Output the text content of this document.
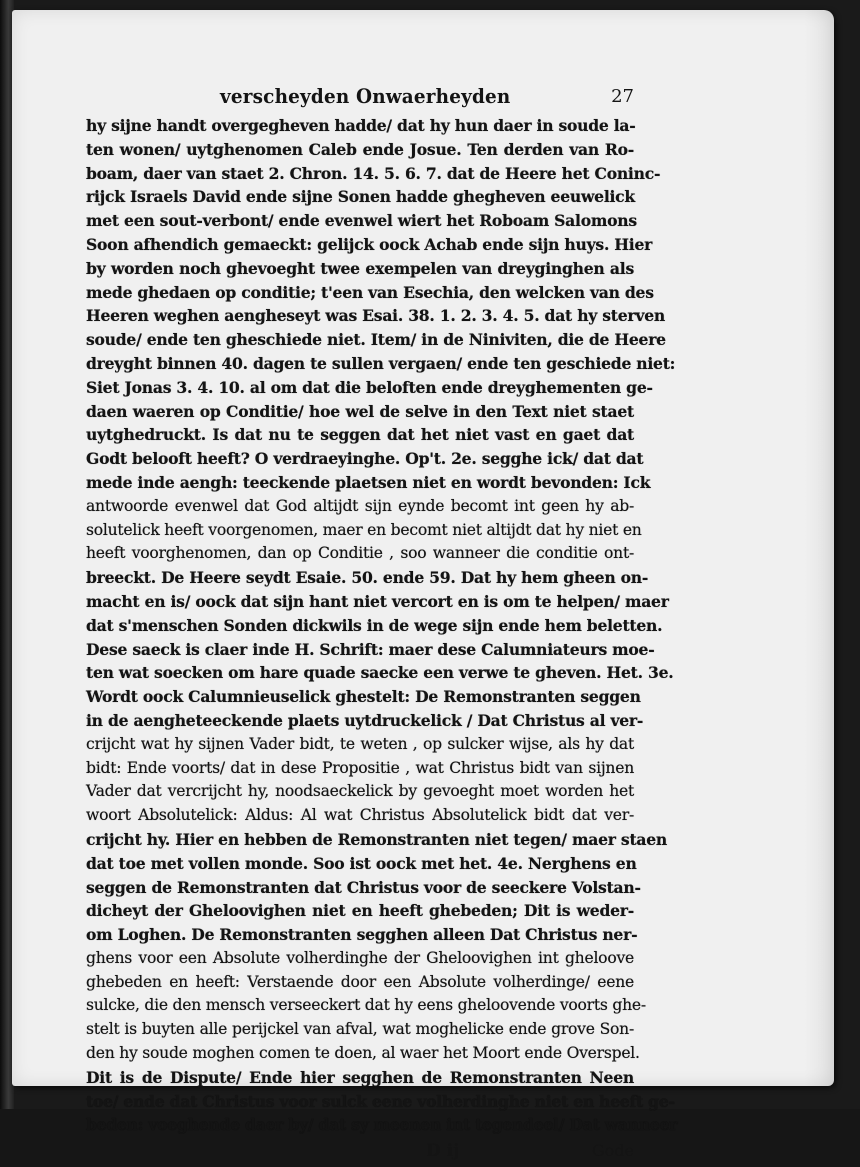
verscheyden Onwaerheyden	27
hy sijne handt overgegheven hadde/ dat hy hun daer in soude la-
ten wonen/ uytghenomen Caleb ende Josue. Ten derden van Ro-
boam, daer van staet 2. Chron. 14. 5. 6. 7. dat de Heere het Coninc-
rijck Israels David ende sijne Sonen hadde ghegheven eeuwelick
met een sout-verbont/ ende evenwel wiert het Roboam Salomons
Soon afhendich gemaeckt: gelijck oock Achab ende sijn huys. Hier
by worden noch ghevoeght twee exempelen van dreyginghen als
mede ghedaen op conditie; t'een van Esechia, den welcken van des
Heeren weghen aengheseyt was Esai. 38. 1. 2. 3. 4. 5. dat hy sterven
soude/ ende ten gheschiede niet. Item/ in de Niniviten, die de Heere
dreyght binnen 40. dagen te sullen vergaen/ ende ten geschiede niet:
Siet Jonas 3. 4. 10. al om dat die beloften ende dreyghementen ge-
daen waeren op Conditie/ hoe wel de selve in den Text niet staet
uytghedruckt. Is dat nu te seggen dat het niet vast en gaet dat
Godt belooft heeft? O verdraeyinghe. Op't. 2e. segghe ick/ dat dat
mede inde aengh: teeckende plaetsen niet en wordt bevonden: Ick
antwoorde evenwel dat God altijdt sijn eynde becomt int geen hy ab-
solutelick heeft voorgenomen, maer en becomt niet altijdt dat hy niet en
heeft voorghenomen, dan op Conditie , soo wanneer die conditie ont-
breeckt. De Heere seydt Esaie. 50. ende 59. Dat hy hem gheen on-
macht en is/ oock dat sijn hant niet vercort en is om te helpen/ maer
dat s'menschen Sonden dickwils in de wege sijn ende hem beletten.
Dese saeck is claer inde H. Schrift: maer dese Calumniateurs moe-
ten wat soecken om hare quade saecke een verwe te gheven. Het. 3e.
Wordt oock Calumnieuselick ghestelt: De Remonstranten seggen
in de aengheteeckende plaets uytdruckelick / Dat Christus al ver-
crijcht wat hy sijnen Vader bidt, te weten , op sulcker wijse, als hy dat
bidt: Ende voorts/ dat in dese Propositie , wat Christus bidt van sijnen
Vader dat vercrijcht hy, noodsaeckelick by gevoeght moet worden het
woort Absolutelick: Aldus: Al wat Christus Absolutelick bidt dat ver-
crijcht hy. Hier en hebben de Remonstranten niet tegen/ maer staen
dat toe met vollen monde. Soo ist oock met het. 4e. Nerghens en
seggen de Remonstranten dat Christus voor de seeckere Volstan-
dicheyt der Gheloovighen niet en heeft ghebeden; Dit is weder-
om Loghen. De Remonstranten segghen alleen Dat Christus ner-
ghens voor een Absolute volherdinghe der Gheloovighen int gheloove
ghebeden en heeft: Verstaende door een Absolute volherdinge/ eene
sulcke, die den mensch verseeckert dat hy eens gheloovende voorts ghe-
stelt is buyten alle perijckel van afval, wat moghelicke ende grove Son-
den hy soude moghen comen te doen, al waer het Moort ende Overspel.
Dit is de Dispute/ Ende hier segghen de Remonstranten Neen
toe/ ende dat Christus voor sulck eene volherdinghe niet en heeft ge-
beden: voeghende daer by/ dat sy meenen int tegendeel/ Dat wanneer
D ij	Gode
